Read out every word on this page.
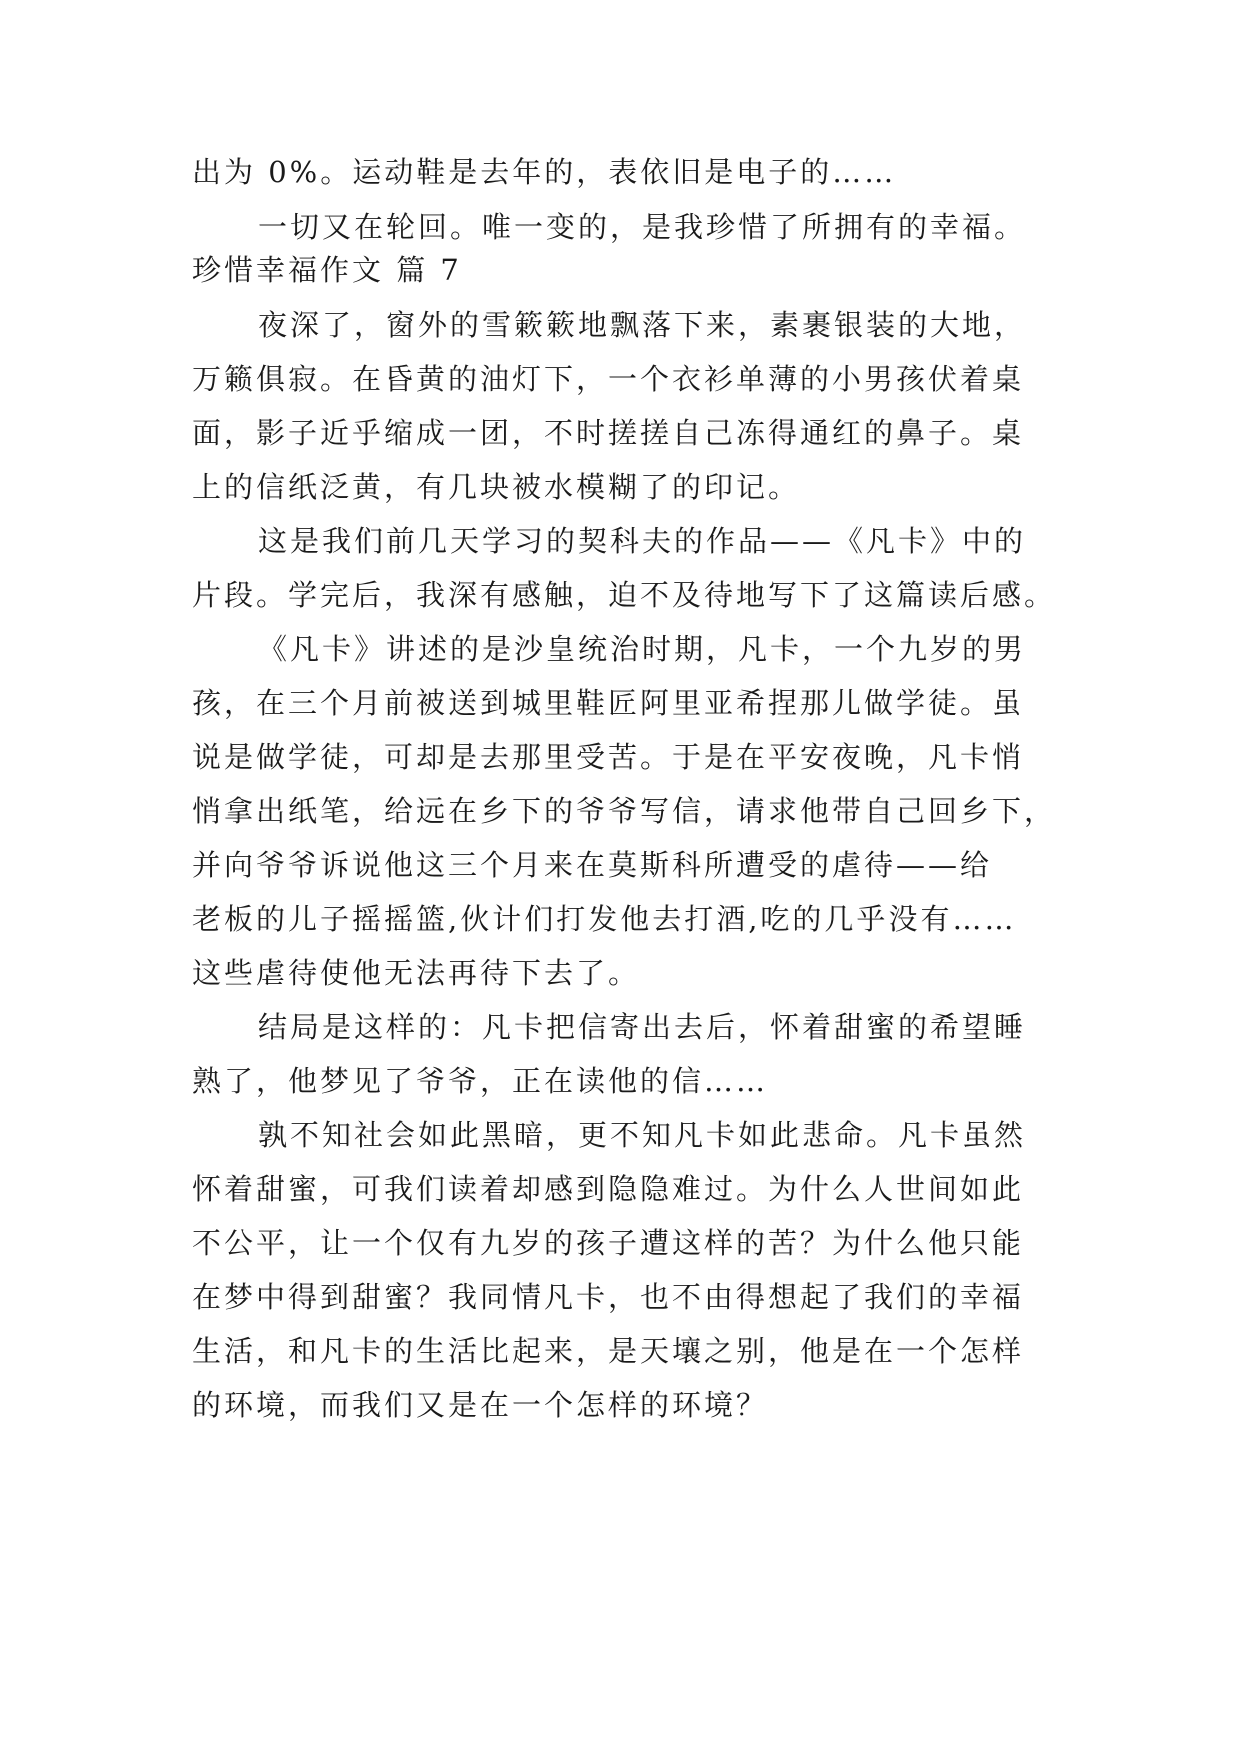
出为 0%。运动鞋是去年的，表依旧是电子的……
一切又在轮回。唯一变的，是我珍惜了所拥有的幸福。
珍惜幸福作文 篇 7
夜深了，窗外的雪簌簌地飘落下来，素裹银装的大地，
万籁俱寂。在昏黄的油灯下，一个衣衫单薄的小男孩伏着桌
面，影子近乎缩成一团，不时搓搓自己冻得通红的鼻子。桌
上的信纸泛黄，有几块被水模糊了的印记。
这是我们前几天学习的契科夫的作品——《凡卡》中的
片段。学完后，我深有感触，迫不及待地写下了这篇读后感。
《凡卡》讲述的是沙皇统治时期，凡卡，一个九岁的男
孩，在三个月前被送到城里鞋匠阿里亚希捏那儿做学徒。虽
说是做学徒，可却是去那里受苦。于是在平安夜晚，凡卡悄
悄拿出纸笔，给远在乡下的爷爷写信，请求他带自己回乡下，
并向爷爷诉说他这三个月来在莫斯科所遭受的虐待——给
老板的儿子摇摇篮,伙计们打发他去打酒,吃的几乎没有……
这些虐待使他无法再待下去了。
结局是这样的：凡卡把信寄出去后，怀着甜蜜的希望睡
熟了，他梦见了爷爷，正在读他的信……
孰不知社会如此黑暗，更不知凡卡如此悲命。凡卡虽然
怀着甜蜜，可我们读着却感到隐隐难过。为什么人世间如此
不公平，让一个仅有九岁的孩子遭这样的苦？为什么他只能
在梦中得到甜蜜？我同情凡卡，也不由得想起了我们的幸福
生活，和凡卡的生活比起来，是天壤之别，他是在一个怎样
的环境，而我们又是在一个怎样的环境？
